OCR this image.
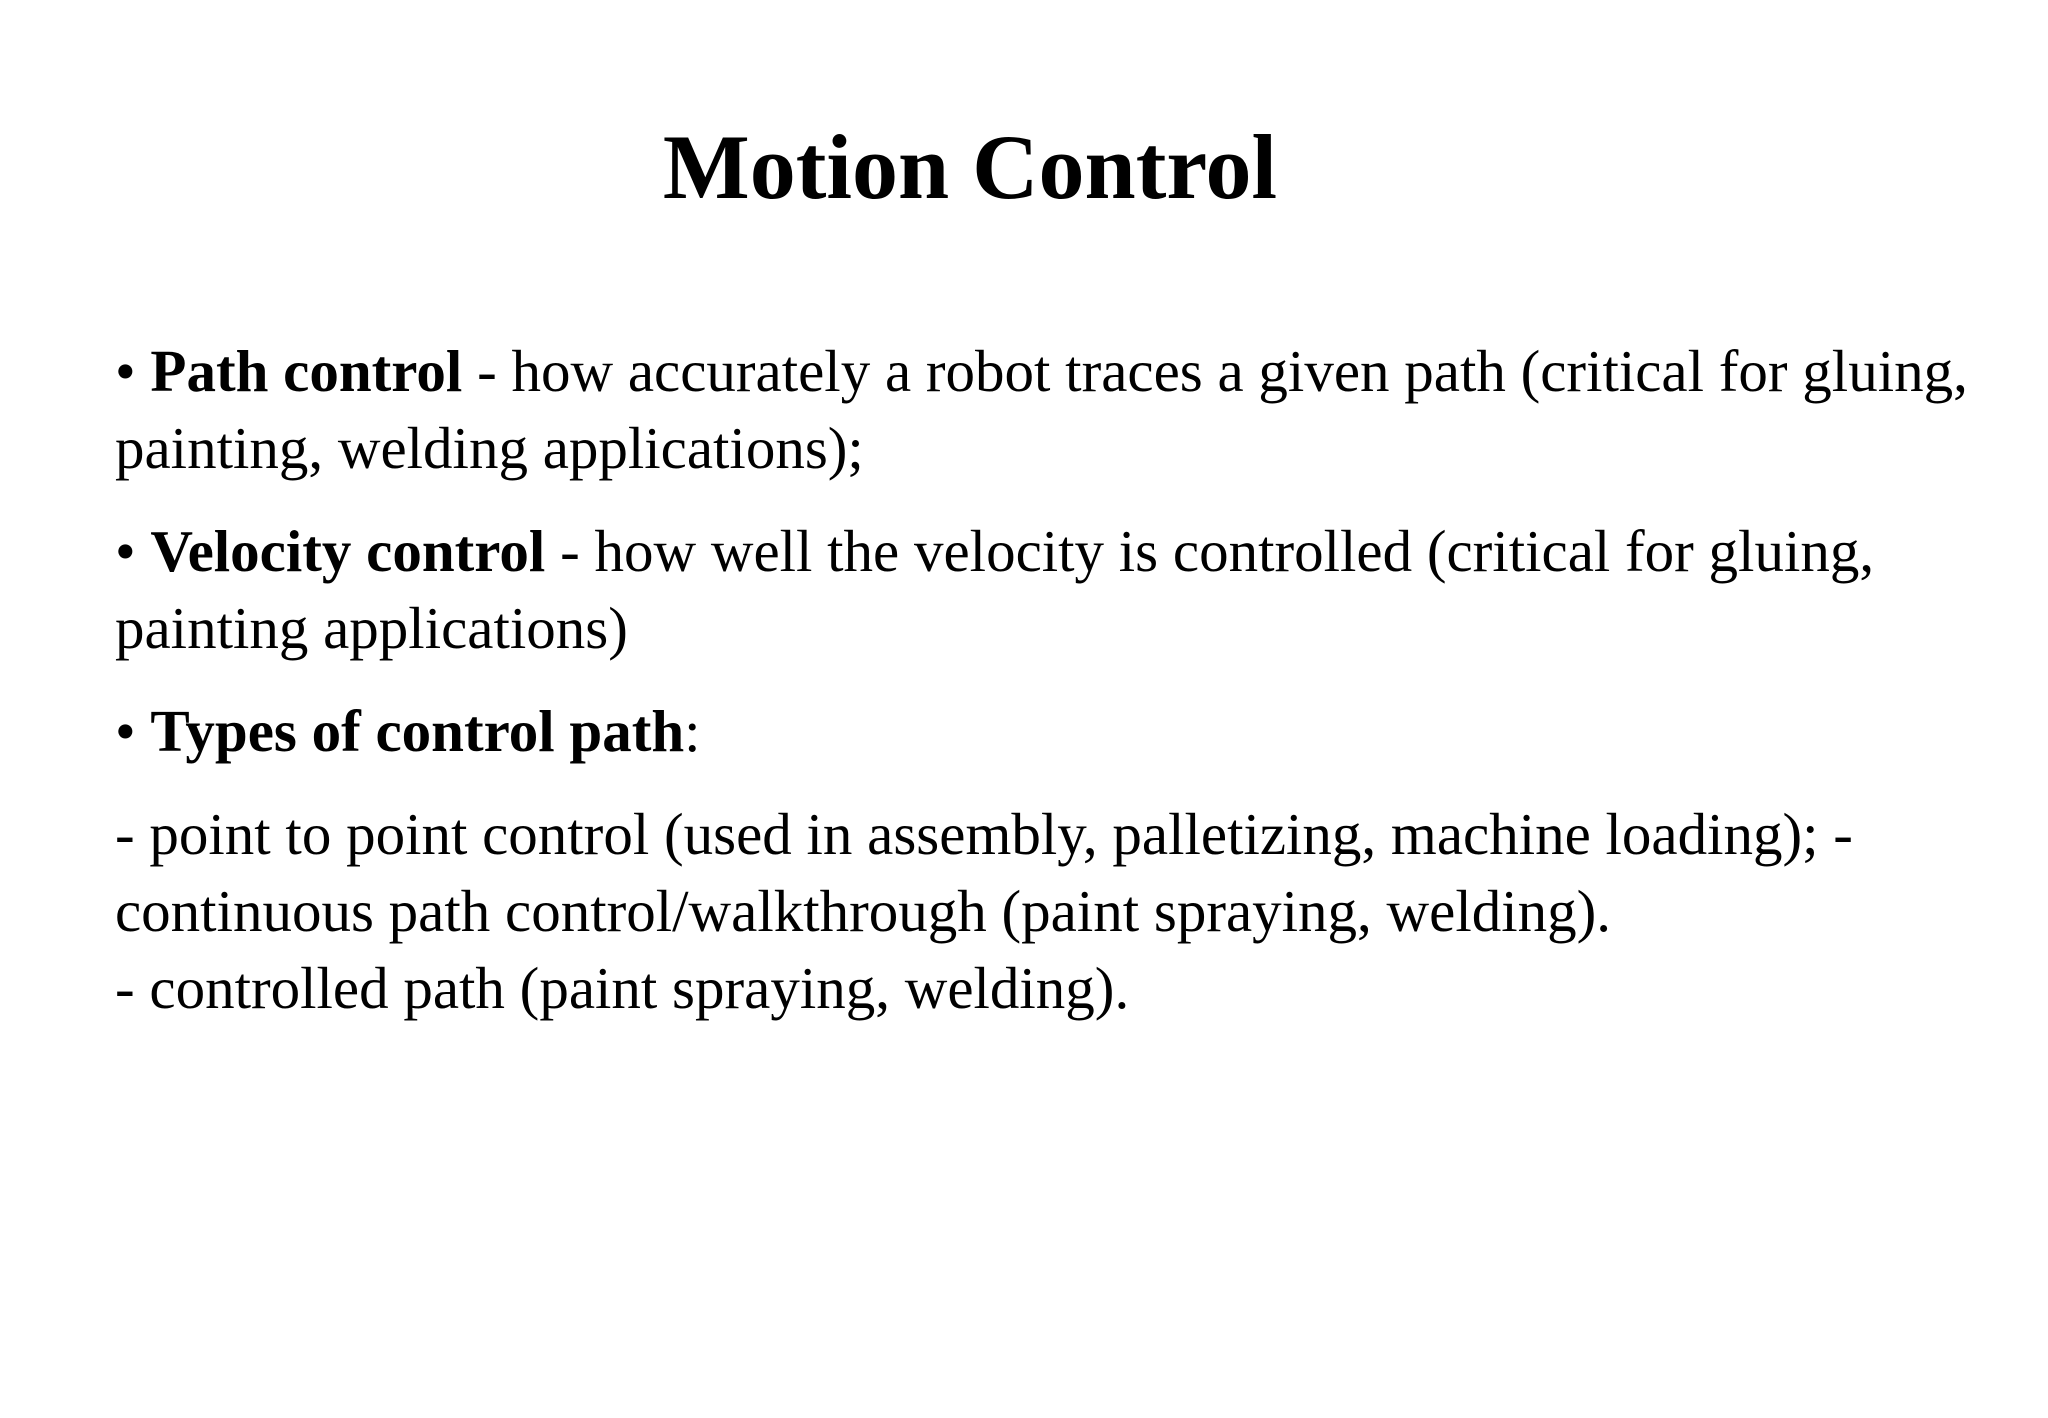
Motion Control

• Path control - how accurately a robot traces a given path (critical for gluing, painting, welding applications);

• Velocity control - how well the velocity is controlled (critical for gluing, painting applications)

• Types of control path:

- point to point control (used in assembly, palletizing, machine loading); - continuous path control/walkthrough (paint spraying, welding).

- controlled path (paint spraying, welding).
